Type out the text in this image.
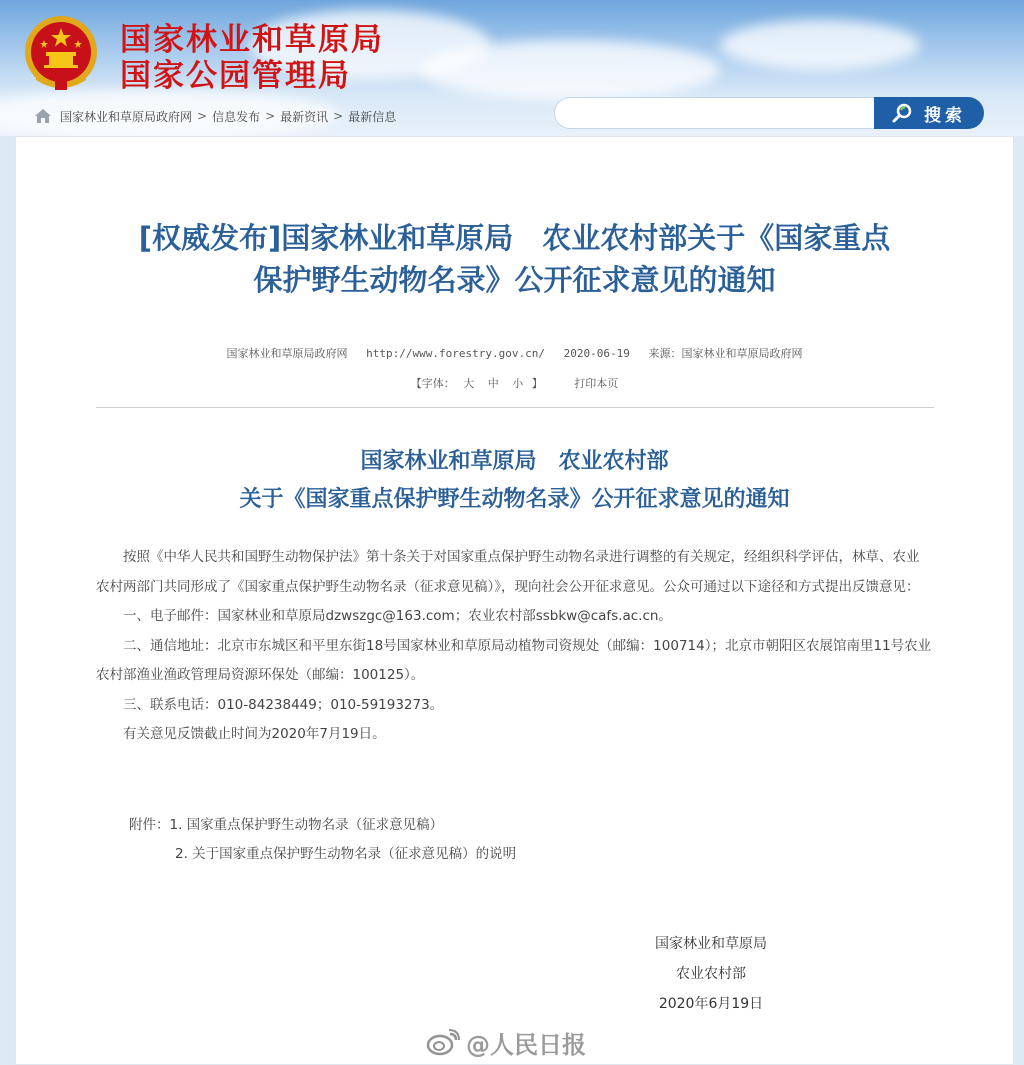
国家林业和草原局
国家公园管理局
国家林业和草原局政府网 > 信息发布 > 最新资讯 > 最新信息	搜索
[权威发布]国家林业和草原局　农业农村部关于《国家重点
保护野生动物名录》公开征求意见的通知
国家林业和草原局政府网 http://www.forestry.gov.cn/ 2020-06-19 来源：国家林业和草原局政府网
【字体： 大 中 小 】	打印本页
国家林业和草原局　农业农村部
关于《国家重点保护野生动物名录》公开征求意见的通知

按照《中华人民共和国野生动物保护法》第十条关于对国家重点保护野生动物名录进行调整的有关规定，经组织科学评估，林草、农业农村两部门共同形成了《国家重点保护野生动物名录（征求意见稿）》，现向社会公开征求意见。公众可通过以下途径和方式提出反馈意见：

一、电子邮件：国家林业和草原局dzwszgc@163.com；农业农村部ssbkw@cafs.ac.cn。

二、通信地址：北京市东城区和平里东街18号国家林业和草原局动植物司资规处（邮编：100714）；北京市朝阳区农展馆南里11号农业农村部渔业渔政管理局资源环保处（邮编：100125）。

三、联系电话：010-84238449；010-59193273。

有关意见反馈截止时间为2020年7月19日。

附件：1. 国家重点保护野生动物名录（征求意见稿）
2. 关于国家重点保护野生动物名录（征求意见稿）的说明
国家林业和草原局
农业农村部
2020年6月19日
@人民日报
